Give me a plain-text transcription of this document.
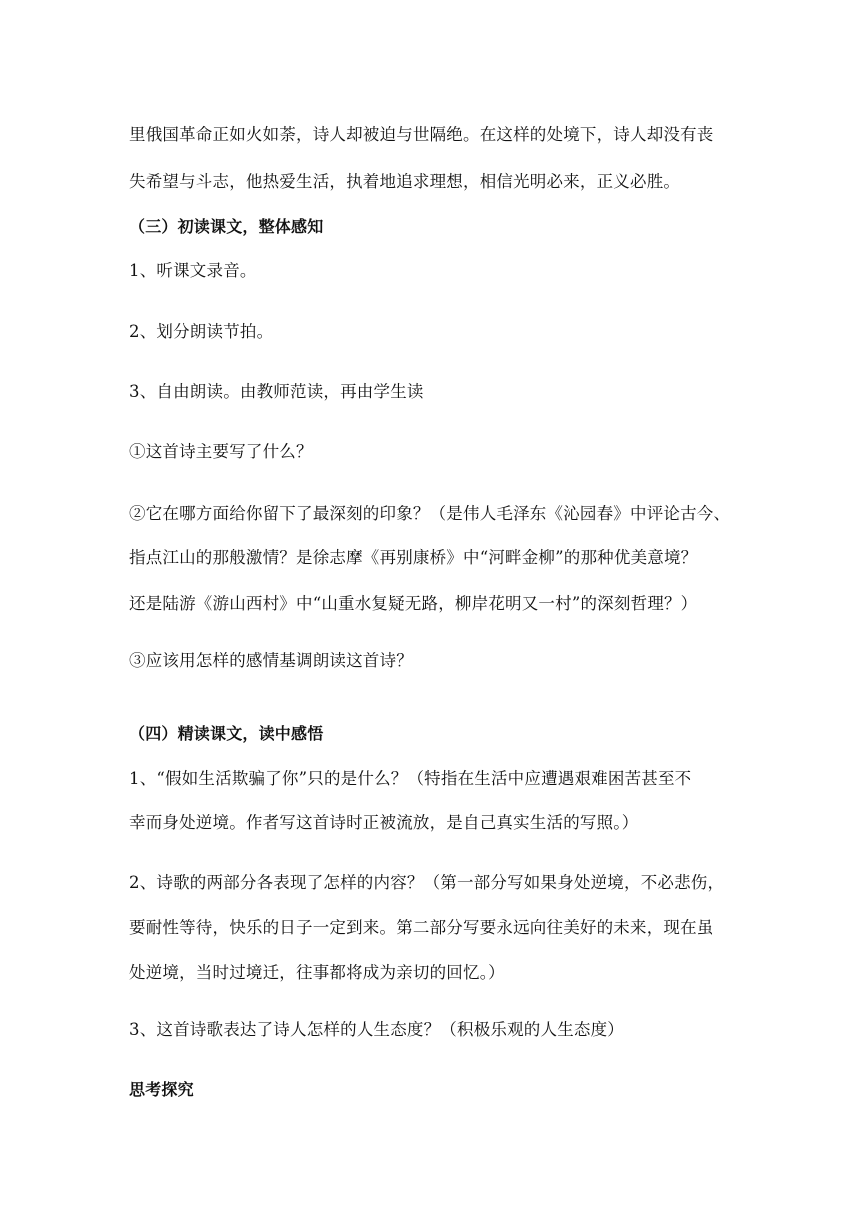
里俄国革命正如火如荼，诗人却被迫与世隔绝。在这样的处境下，诗人却没有丧
失希望与斗志，他热爱生活，执着地追求理想，相信光明必来，正义必胜。
（三）初读课文，整体感知
1、听课文录音。
2、划分朗读节拍。
3、自由朗读。由教师范读，再由学生读
①这首诗主要写了什么？
②它在哪方面给你留下了最深刻的印象？（是伟人毛泽东《沁园春》中评论古今、
指点江山的那般激情？是徐志摩《再别康桥》中“河畔金柳”的那种优美意境？
还是陆游《游山西村》中“山重水复疑无路，柳岸花明又一村”的深刻哲理？）
③应该用怎样的感情基调朗读这首诗？
（四）精读课文，读中感悟
1、“假如生活欺骗了你”只的是什么？（特指在生活中应遭遇艰难困苦甚至不
幸而身处逆境。作者写这首诗时正被流放，是自己真实生活的写照。）
2、诗歌的两部分各表现了怎样的内容？（第一部分写如果身处逆境，不必悲伤，
要耐性等待，快乐的日子一定到来。第二部分写要永远向往美好的未来，现在虽
处逆境，当时过境迁，往事都将成为亲切的回忆。）
3、这首诗歌表达了诗人怎样的人生态度？（积极乐观的人生态度）
思考探究
